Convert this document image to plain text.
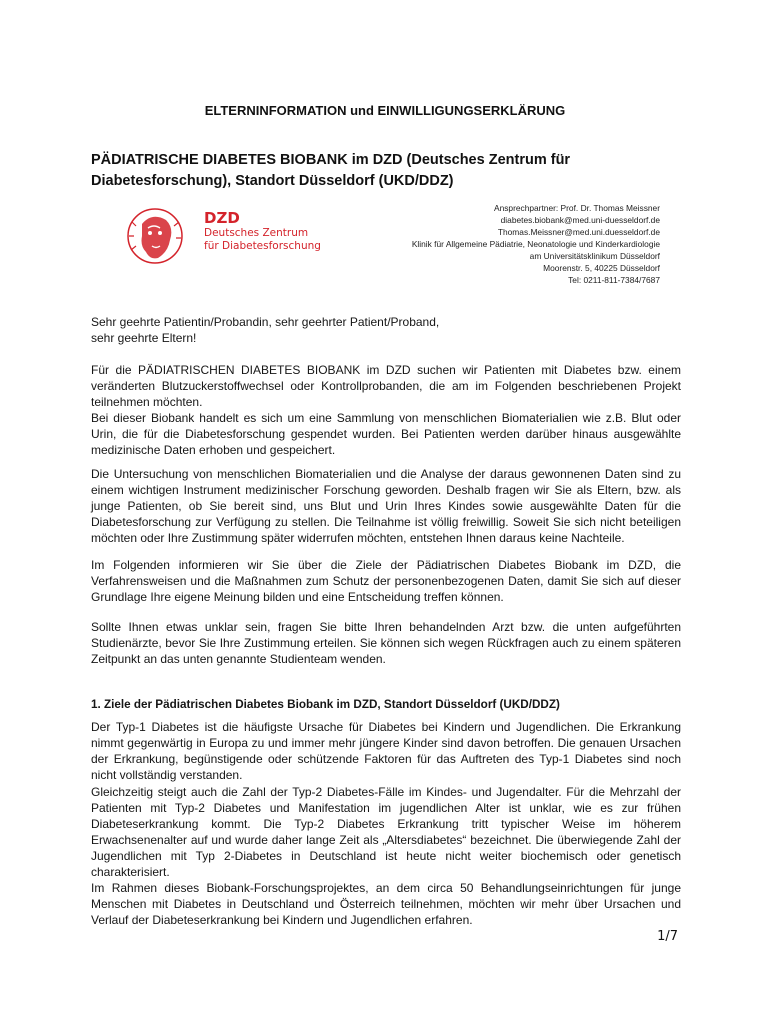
ELTERNINFORMATION und EINWILLIGUNGSERKLÄRUNG
PÄDIATRISCHE DIABETES BIOBANK im DZD (Deutsches Zentrum für
Diabetesforschung), Standort Düsseldorf (UKD/DDZ)
DZD
Deutsches Zentrum
für Diabetesforschung
Ansprechpartner: Prof. Dr. Thomas Meissner
diabetes.biobank@med.uni-duesseldorf.de
Thomas.Meissner@med.uni.duesseldorf.de
Klinik für Allgemeine Pädiatrie, Neonatologie und Kinderkardiologie
am Universitätsklinikum Düsseldorf
Moorenstr. 5, 40225 Düsseldorf
Tel: 0211-811-7384/7687
Sehr geehrte Patientin/Probandin, sehr geehrter Patient/Proband,
sehr geehrte Eltern!

Für die PÄDIATRISCHEN DIABETES BIOBANK im DZD suchen wir Patienten mit Diabetes bzw. einem veränderten Blutzuckerstoffwechsel oder Kontrollprobanden, die am im Folgenden beschriebenen Projekt teilnehmen möchten.

Bei dieser Biobank handelt es sich um eine Sammlung von menschlichen Biomaterialien wie z.B. Blut oder Urin, die für die Diabetesforschung gespendet wurden. Bei Patienten werden darüber hinaus ausgewählte medizinische Daten erhoben und gespeichert.

Die Untersuchung von menschlichen Biomaterialien und die Analyse der daraus gewonnenen Daten sind zu einem wichtigen Instrument medizinischer Forschung geworden. Deshalb fragen wir Sie als Eltern, bzw. als junge Patienten, ob Sie bereit sind, uns Blut und Urin Ihres Kindes sowie ausgewählte Daten für die Diabetesforschung zur Verfügung zu stellen. Die Teilnahme ist völlig freiwillig. Soweit Sie sich nicht beteiligen möchten oder Ihre Zustimmung später widerrufen möchten, entstehen Ihnen daraus keine Nachteile.

Im Folgenden informieren wir Sie über die Ziele der Pädiatrischen Diabetes Biobank im DZD, die Verfahrensweisen und die Maßnahmen zum Schutz der personenbezogenen Daten, damit Sie sich auf dieser Grundlage Ihre eigene Meinung bilden und eine Entscheidung treffen können.

Sollte Ihnen etwas unklar sein, fragen Sie bitte Ihren behandelnden Arzt bzw. die unten aufgeführten Studienärzte, bevor Sie Ihre Zustimmung erteilen. Sie können sich wegen Rückfragen auch zu einem späteren Zeitpunkt an das unten genannte Studienteam wenden.

1. Ziele der Pädiatrischen Diabetes Biobank im DZD, Standort Düsseldorf (UKD/DDZ)

Der Typ-1 Diabetes ist die häufigste Ursache für Diabetes bei Kindern und Jugendlichen. Die Erkrankung nimmt gegenwärtig in Europa zu und immer mehr jüngere Kinder sind davon betroffen. Die genauen Ursachen der Erkrankung, begünstigende oder schützende Faktoren für das Auftreten des Typ-1 Diabetes sind noch nicht vollständig verstanden.

Gleichzeitig steigt auch die Zahl der Typ-2 Diabetes-Fälle im Kindes- und Jugendalter. Für die Mehrzahl der Patienten mit Typ-2 Diabetes und Manifestation im jugendlichen Alter ist unklar, wie es zur frühen Diabeteserkrankung kommt. Die Typ-2 Diabetes Erkrankung tritt typischer Weise im höherem Erwachsenenalter auf und wurde daher lange Zeit als „Altersdiabetes“ bezeichnet. Die überwiegende Zahl der Jugendlichen mit Typ 2-Diabetes in Deutschland ist heute nicht weiter biochemisch oder genetisch charakterisiert.

Im Rahmen dieses Biobank-Forschungsprojektes, an dem circa 50 Behandlungseinrichtungen für junge Menschen mit Diabetes in Deutschland und Österreich teilnehmen, möchten wir mehr über Ursachen und Verlauf der Diabeteserkrankung bei Kindern und Jugendlichen erfahren.

1/7
